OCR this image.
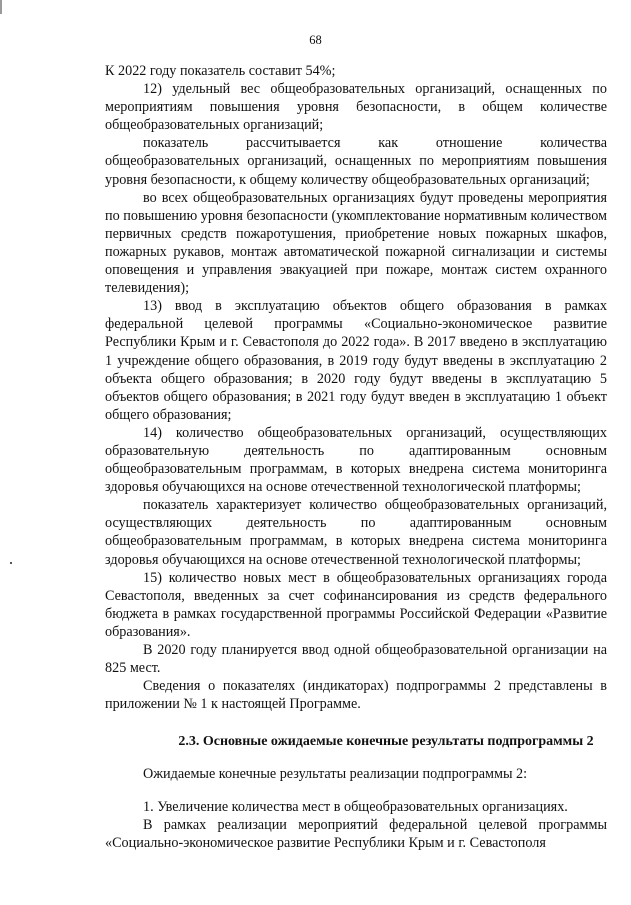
68

К 2022 году показатель составит 54%;

12) удельный вес общеобразовательных организаций, оснащенных по мероприятиям повышения уровня безопасности, в общем количестве общеобразовательных организаций;

показатель рассчитывается как отношение количества общеобразовательных организаций, оснащенных по мероприятиям повышения уровня безопасности, к общему количеству общеобразовательных организаций;

во всех общеобразовательных организациях будут проведены мероприятия по повышению уровня безопасности (укомплектование нормативным количеством первичных средств пожаротушения, приобретение новых пожарных шкафов, пожарных рукавов, монтаж автоматической пожарной сигнализации и системы оповещения и управления эвакуацией при пожаре, монтаж систем охранного телевидения);

13) ввод в эксплуатацию объектов общего образования в рамках федеральной целевой программы «Социально-экономическое развитие Республики Крым и г. Севастополя до 2022 года». В 2017 введено в эксплуатацию 1 учреждение общего образования, в 2019 году будут введены в эксплуатацию 2 объекта общего образования; в 2020 году будут введены в эксплуатацию 5 объектов общего образования; в 2021 году будут введен в эксплуатацию 1 объект общего образования;

14) количество общеобразовательных организаций, осуществляющих образовательную деятельность по адаптированным основным общеобразовательным программам, в которых внедрена система мониторинга здоровья обучающихся на основе отечественной технологической платформы;

показатель характеризует количество общеобразовательных организаций, осуществляющих деятельность по адаптированным основным общеобразовательным программам, в которых внедрена система мониторинга здоровья обучающихся на основе отечественной технологической платформы;

15) количество новых мест в общеобразовательных организациях города Севастополя, введенных за счет софинансирования из средств федерального бюджета в рамках государственной программы Российской Федерации «Развитие образования».

В 2020 году планируется ввод одной общеобразовательной организации на 825 мест.

Сведения о показателях (индикаторах) подпрограммы 2 представлены в приложении № 1 к настоящей Программе.

2.3. Основные ожидаемые конечные результаты подпрограммы 2

Ожидаемые конечные результаты реализации подпрограммы 2:

1. Увеличение количества мест в общеобразовательных организациях.

В рамках реализации мероприятий федеральной целевой программы «Социально-экономическое развитие Республики Крым и г. Севастополя
